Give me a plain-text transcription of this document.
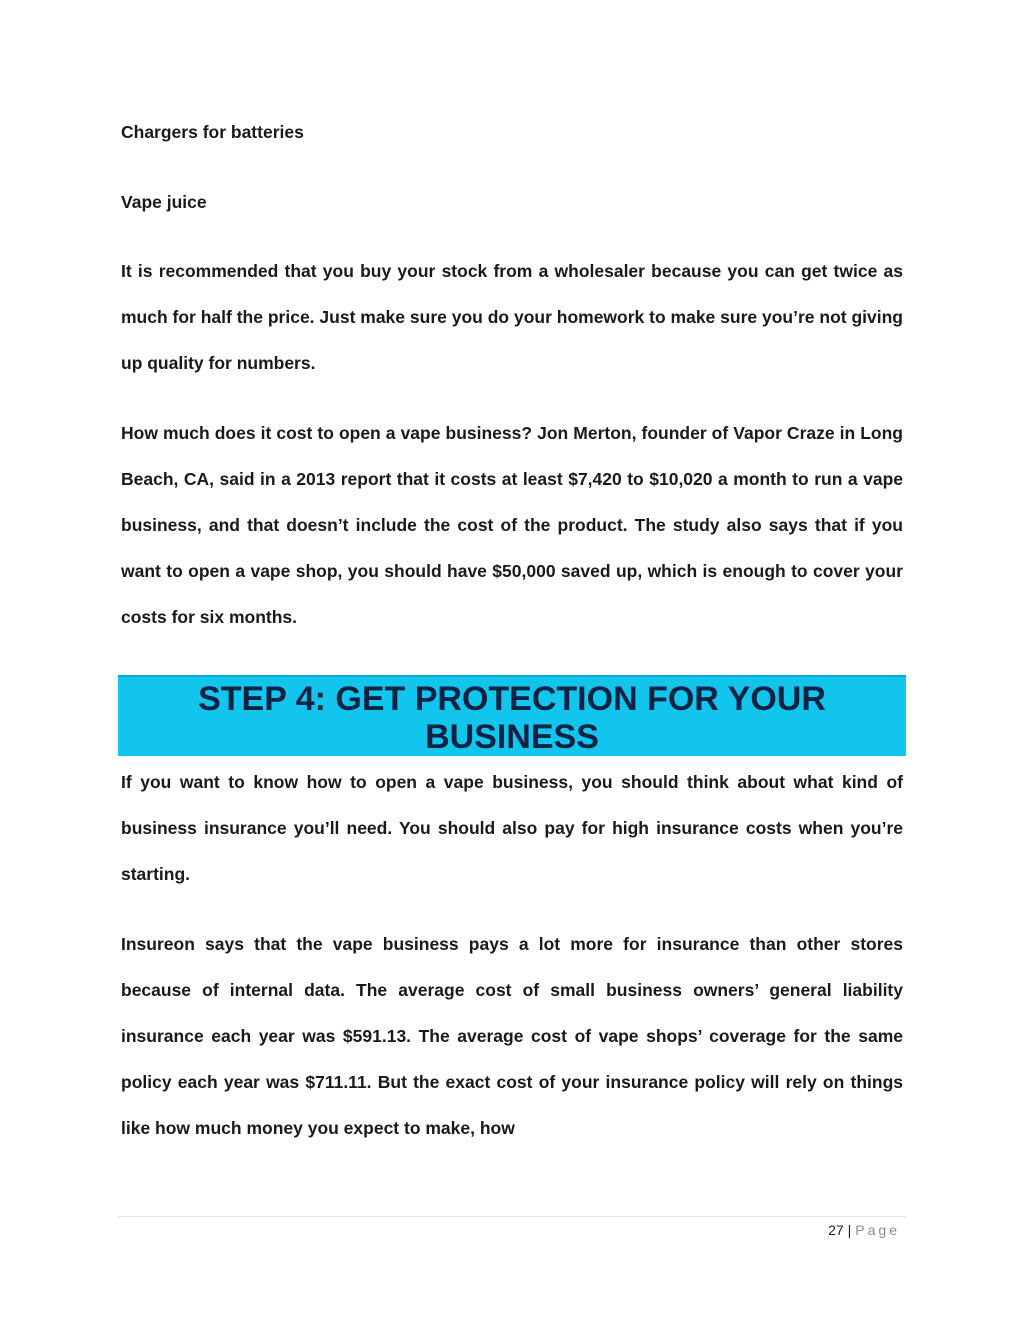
Chargers for batteries

Vape juice

It is recommended that you buy your stock from a wholesaler because you can get twice as much for half the price. Just make sure you do your homework to make sure you’re not giving up quality for numbers.

How much does it cost to open a vape business? Jon Merton, founder of Vapor Craze in Long Beach, CA, said in a 2013 report that it costs at least $7,420 to $10,020 a month to run a vape business, and that doesn’t include the cost of the product. The study also says that if you want to open a vape shop, you should have $50,000 saved up, which is enough to cover your costs for six months.

STEP 4: GET PROTECTION FOR YOUR
BUSINESS

If you want to know how to open a vape business, you should think about what kind of business insurance you’ll need. You should also pay for high insurance costs when you’re starting.

Insureon says that the vape business pays a lot more for insurance than other stores because of internal data. The average cost of small business owners’ general liability insurance each year was $591.13. The average cost of vape shops’ coverage for the same policy each year was $711.11. But the exact cost of your insurance policy will rely on things like how much money you expect to make, how

27 | Page
